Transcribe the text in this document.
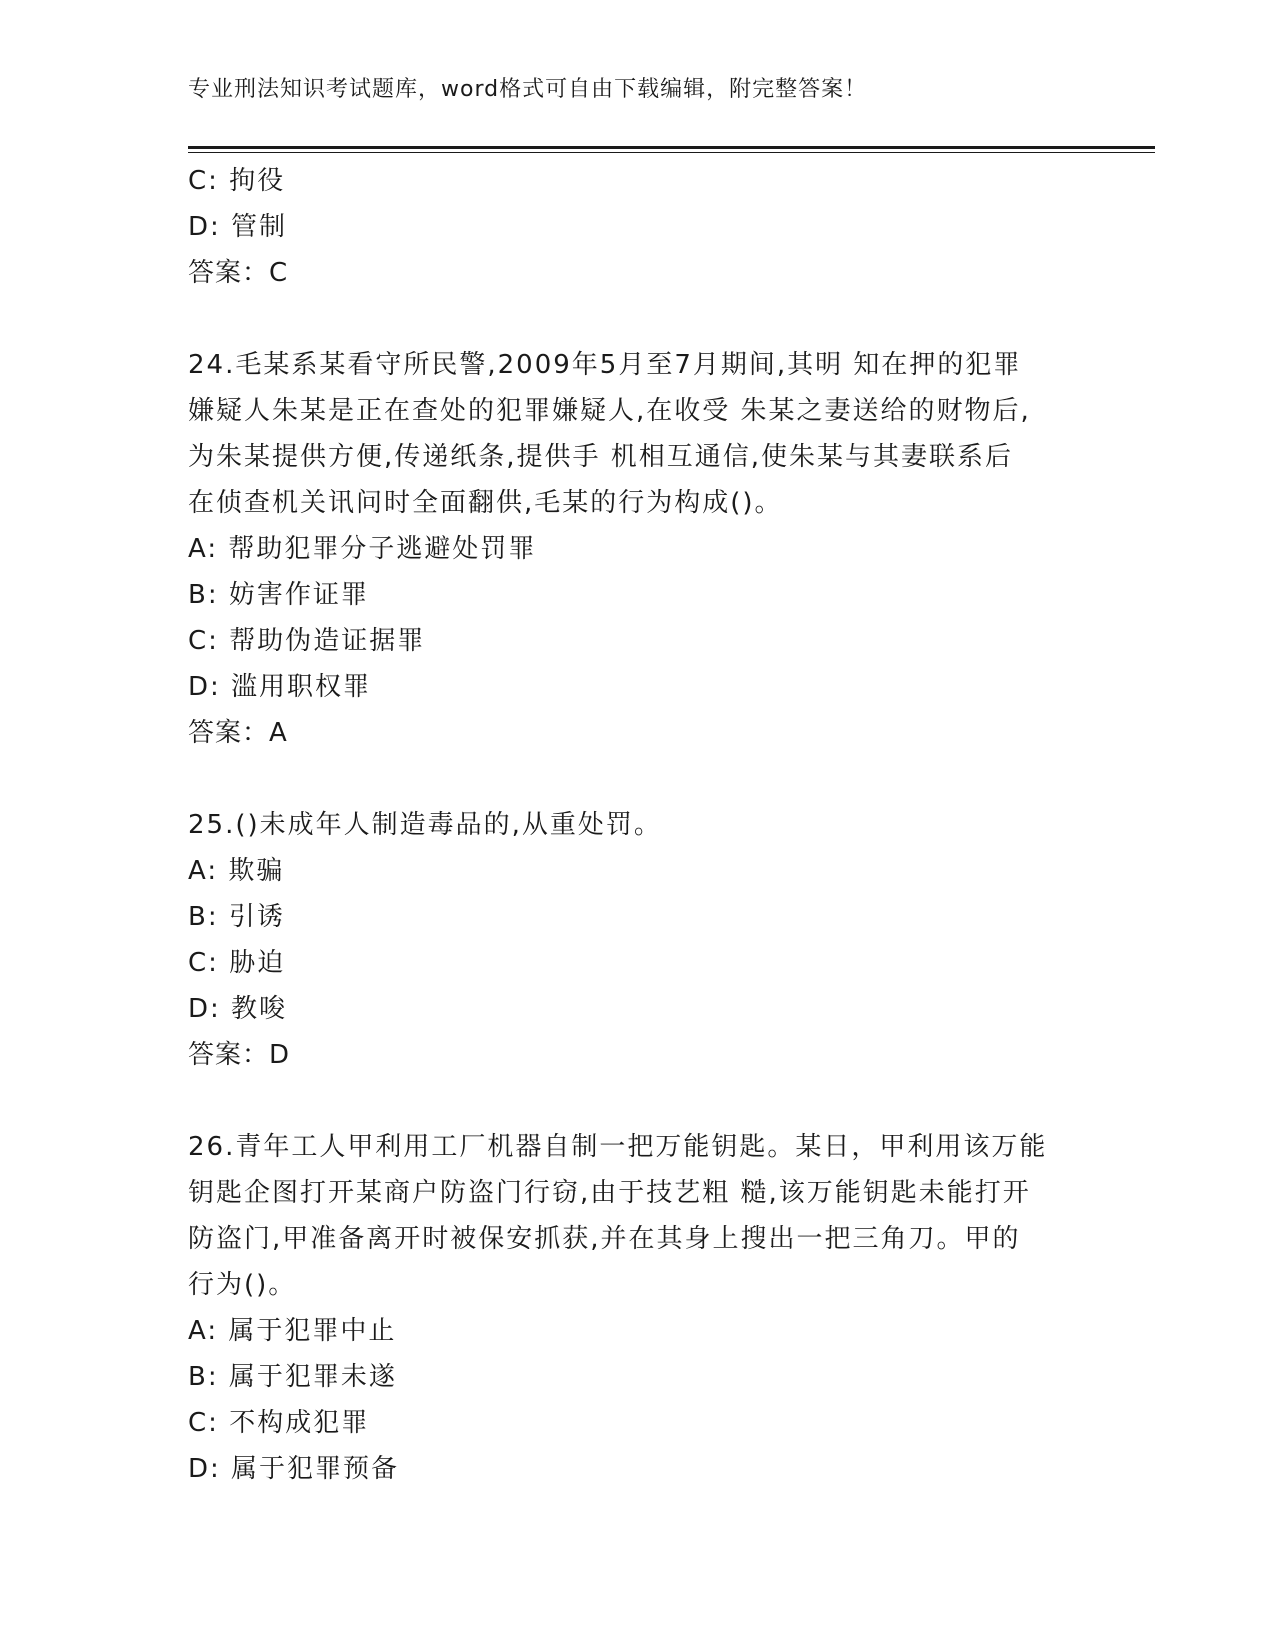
专业刑法知识考试题库，word格式可自由下载编辑，附完整答案！
C: 拘役
D: 管制
答案：C
24.毛某系某看守所民警,2009年5月至7月期间,其明 知在押的犯罪
嫌疑人朱某是正在查处的犯罪嫌疑人,在收受 朱某之妻送给的财物后,
为朱某提供方便,传递纸条,提供手 机相互通信,使朱某与其妻联系后
在侦查机关讯问时全面翻供,毛某的行为构成()。
A: 帮助犯罪分子逃避处罚罪
B: 妨害作证罪
C: 帮助伪造证据罪
D: 滥用职权罪
答案：A
25.()未成年人制造毒品的,从重处罚。
A: 欺骗
B: 引诱
C: 胁迫
D: 教唆
答案：D
26.青年工人甲利用工厂机器自制一把万能钥匙。某日，甲利用该万能
钥匙企图打开某商户防盗门行窃,由于技艺粗 糙,该万能钥匙未能打开
防盗门,甲准备离开时被保安抓获,并在其身上搜出一把三角刀。甲的
行为()。
A: 属于犯罪中止
B: 属于犯罪未遂
C: 不构成犯罪
D: 属于犯罪预备
